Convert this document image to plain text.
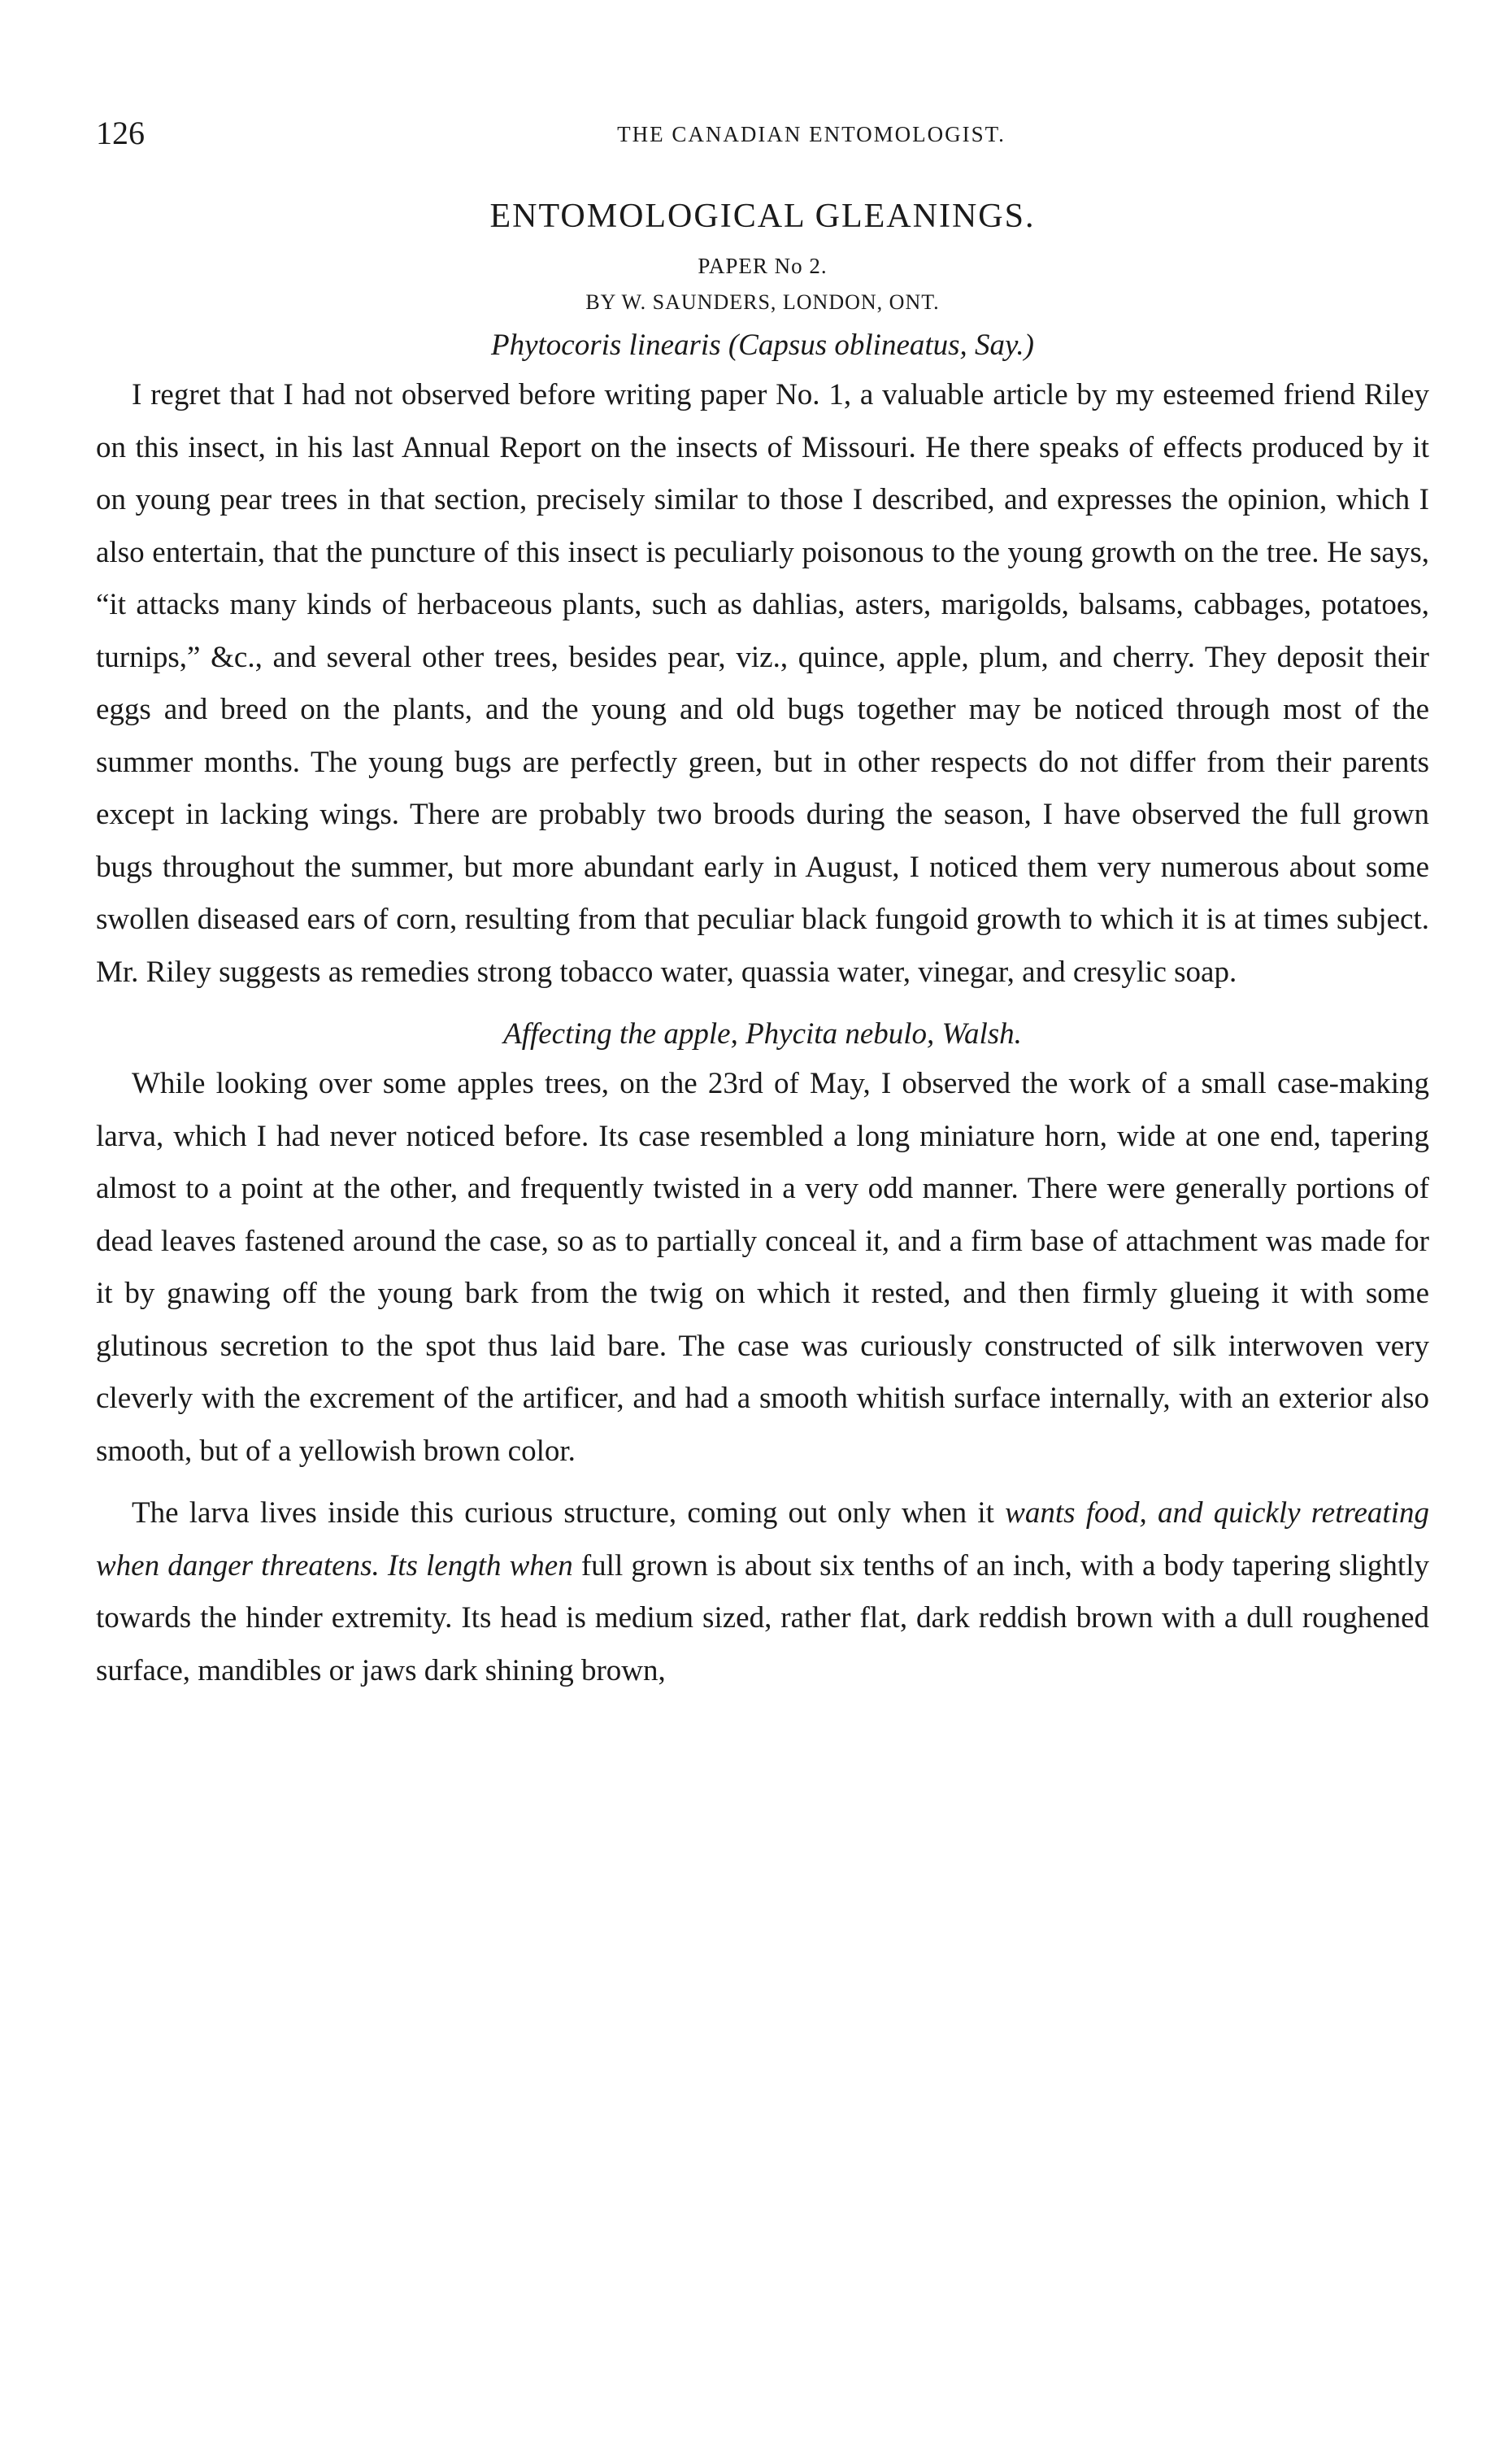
126	THE CANADIAN ENTOMOLOGIST.
ENTOMOLOGICAL GLEANINGS.
PAPER No 2.
BY W. SAUNDERS, LONDON, ONT.
Phytocoris linearis (Capsus oblineatus, Say.)

I regret that I had not observed before writing paper No. 1, a valuable article by my esteemed friend Riley on this insect, in his last Annual Report on the insects of Missouri. He there speaks of effects produced by it on young pear trees in that section, precisely similar to those I described, and expresses the opinion, which I also entertain, that the puncture of this insect is peculiarly poisonous to the young growth on the tree. He says, “it attacks many kinds of herbaceous plants, such as dahlias, asters, marigolds, balsams, cabbages, potatoes, turnips,” &c., and several other trees, besides pear, viz., quince, apple, plum, and cherry. They deposit their eggs and breed on the plants, and the young and old bugs together may be noticed through most of the summer months. The young bugs are perfectly green, but in other respects do not differ from their parents except in lacking wings. There are probably two broods during the season, I have observed the full grown bugs throughout the summer, but more abundant early in August, I noticed them very numerous about some swollen diseased ears of corn, resulting from that peculiar black fungoid growth to which it is at times subject. Mr. Riley suggests as remedies strong tobacco water, quassia water, vinegar, and cresylic soap.

Affecting the apple, Phycita nebulo, Walsh.

While looking over some apples trees, on the 23rd of May, I observed the work of a small case-making larva, which I had never noticed before. Its case resembled a long miniature horn, wide at one end, tapering almost to a point at the other, and frequently twisted in a very odd manner. There were generally portions of dead leaves fastened around the case, so as to partially conceal it, and a firm base of attachment was made for it by gnawing off the young bark from the twig on which it rested, and then firmly glueing it with some glutinous secretion to the spot thus laid bare. The case was curiously constructed of silk interwoven very cleverly with the excrement of the artificer, and had a smooth whitish surface internally, with an exterior also smooth, but of a yellowish brown color.

The larva lives inside this curious structure, coming out only when it wants food, and quickly retreating when danger threatens. Its length when full grown is about six tenths of an inch, with a body tapering slightly towards the hinder extremity. Its head is medium sized, rather flat, dark reddish brown with a dull roughened surface, mandibles or jaws dark shining brown,
